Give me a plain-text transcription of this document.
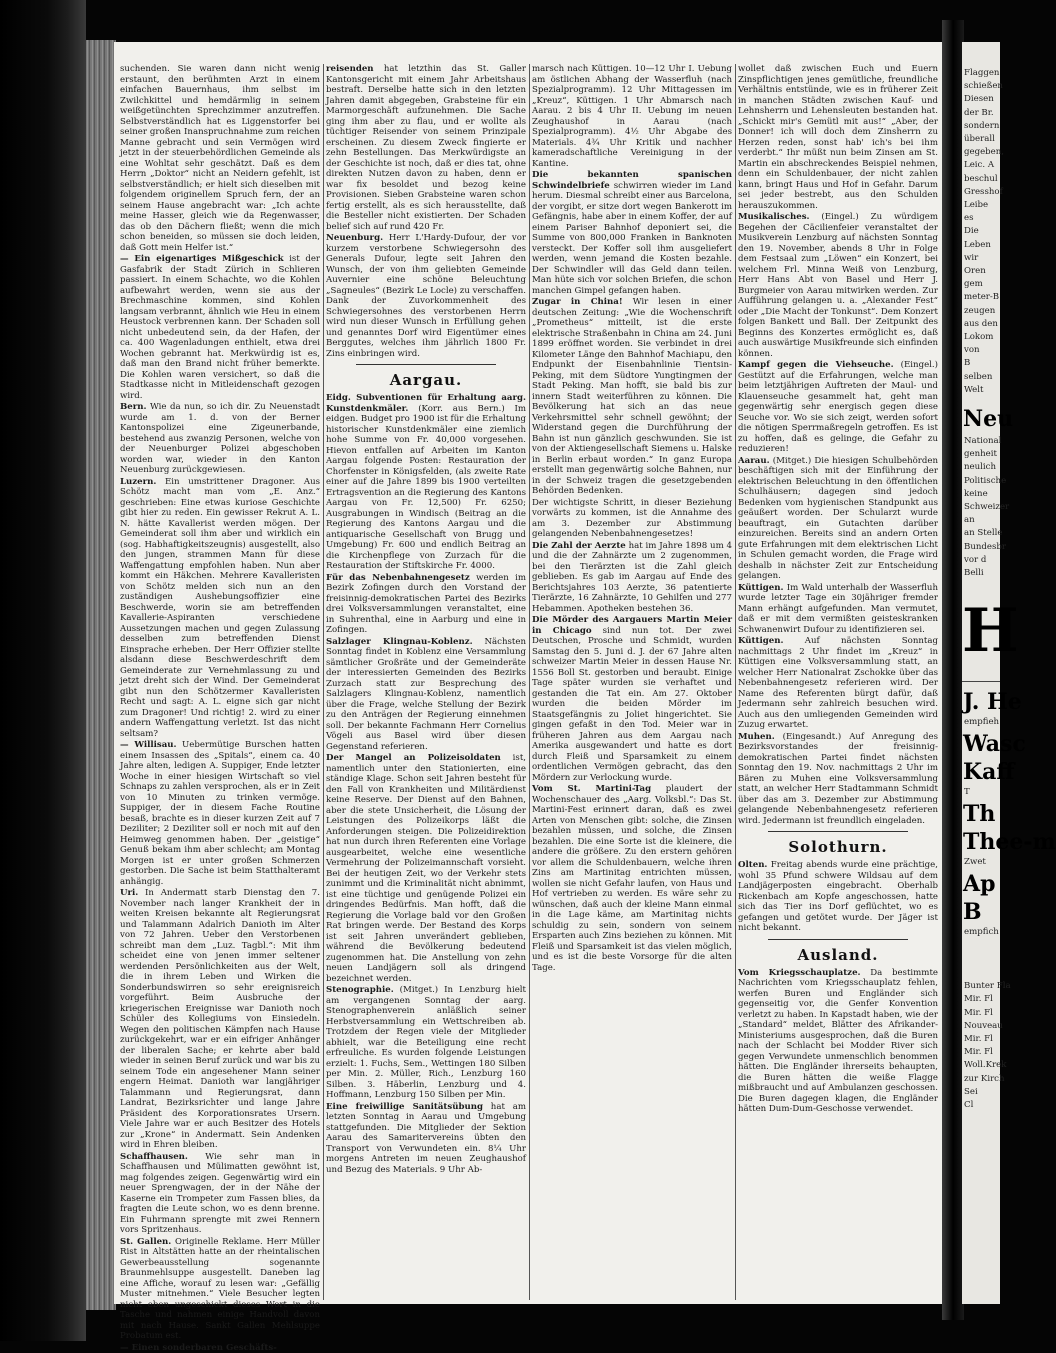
suchenden. Sie waren dann nicht wenig erstaunt, den berühmten Arzt in einem einfachen Bauernhaus, ihm selbst im Zwilchkittel und hemdärmlig in seinem weißgetünchten Sprechzimmer anzutreffen. Selbstverständlich hat es Liggenstorfer bei seiner großen Inanspruchnahme zum reichen Manne gebracht und sein Vermögen wird jetzt in der steuerbehördlichen Gemeinde als eine Wohltat sehr geschätzt. Daß es dem Herrn „Doktor“ nicht an Neidern gefehlt, ist selbstverständlich; er hielt sich dieselben mit folgendem originellem Spruch fern, der an seinem Hause angebracht war: „Ich achte meine Hasser, gleich wie da Regenwasser, das ob den Dächern fließt; wenn die mich schon beneiden, so müssen sie doch leiden, daß Gott mein Helfer ist.“

— Ein eigenartiges Mißgeschick ist der Gasfabrik der Stadt Zürich in Schlieren passiert. In einem Schachte, wo die Kohlen aufbewahrt werden, wenn sie aus der Brechmaschine kommen, sind Kohlen langsam verbrannt, ähnlich wie Heu in einem Heustock verbrennen kann. Der Schaden soll nicht unbedeutend sein, da der Hafen, der ca. 400 Wagenladungen enthielt, etwa drei Wochen gebrannt hat. Merkwürdig ist es, daß man den Brand nicht früher bemerkte. Die Kohlen waren versichert, so daß die Stadtkasse nicht in Mitleidenschaft gezogen wird.

Bern. Wie da nun, so ich dir. Zu Neuenstadt wurde am 1. d. von der Berner Kantonspolizei eine Zigeunerbande, bestehend aus zwanzig Personen, welche von der Neuenburger Polizei abgeschoben worden war, wieder in den Kanton Neuenburg zurückgewiesen.

Luzern. Ein umstrittener Dragoner. Aus Schötz macht man vom „E. Anz.“ geschrieben: Eine etwas kuriose Geschichte gibt hier zu reden. Ein gewisser Rekrut A. L. N. hätte Kavallerist werden mögen. Der Gemeinderat soll ihm aber und wirklich ein (sog. Habhaftigkeitszeugnis) ausgestellt, also den jungen, strammen Mann für diese Waffengattung empfohlen haben. Nun aber kommt ein Häkchen. Mehrere Kavalleristen von Schötz melden sich nun an den zuständigen Aushebungsoffizier eine Beschwerde, worin sie am betreffenden Kavallerie-Aspiranten verschiedene Aussetzungen machen und gegen Zulassung desselben zum betreffenden Dienst Einsprache erheben. Der Herr Offizier stellte alsdann diese Beschwerdeschrift dem Gemeinderate zur Vernehmlassung zu und jetzt dreht sich der Wind. Der Gemeinderat gibt nun den Schötzermer Kavalleristen Recht und sagt: A. L. eigne sich gar nicht zum Dragoner! Und richtig! 2. wird zu einer andern Waffengattung verletzt. Ist das nicht seltsam?

— Willisau. Uebermütige Burschen hatten einem Insassen des „Spitals“, einem ca. 40 Jahre alten, ledigen A. Suppiger, Ende letzter Woche in einer hiesigen Wirtschaft so viel Schnaps zu zahlen versprochen, als er in Zeit von 10 Minuten zu trinken vermöge. Suppiger, der in diesem Fache Routine besaß, brachte es in dieser kurzen Zeit auf 7 Deziliter; 2 Deziliter soll er noch mit auf den Heimweg genommen haben. Der „geistige“ Genuß bekam ihm aber schlecht; am Montag Morgen ist er unter großen Schmerzen gestorben. Die Sache ist beim Statthalteramt anhängig.

Uri. In Andermatt starb Dienstag den 7. November nach langer Krankheit der in weiten Kreisen bekannte alt Regierungsrat und Talammann Adalrich Danioth im Alter von 72 Jahren. Ueber den Verstorbenen schreibt man dem „Luz. Tagbl.“: Mit ihm scheidet eine von jenen immer seltener werdenden Persönlichkeiten aus der Welt, die in ihrem Leben und Wirken die Sonderbundswirren so sehr ereignisreich vorgeführt. Beim Ausbruche der kriegerischen Ereignisse war Danioth noch Schüler des Kollegiums von Einsiedeln. Wegen den politischen Kämpfen nach Hause zurückgekehrt, war er ein eifriger Anhänger der liberalen Sache; er kehrte aber bald wieder in seinen Beruf zurück und war bis zu seinem Tode ein angesehener Mann seiner engern Heimat. Danioth war langjähriger Talammann und Regierungsrat, dann Landrat, Bezirksrichter und lange Jahre Präsident des Korporationsrates Ursern. Viele Jahre war er auch Besitzer des Hotels zur „Krone“ in Andermatt. Sein Andenken wird in Ehren bleiben.

Schaffhausen. Wie sehr man in Schaffhausen und Mülimatten gewöhnt ist, mag folgendes zeigen. Gegenwärtig wird ein neuer Sprengwagen, der in der Nähe der Kaserne ein Trompeter zum Fassen blies, da fragten die Leute schon, wo es denn brenne. Ein Fuhrmann sprengte mit zwei Rennern vors Spritzenhaus.

St. Gallen. Originelle Reklame. Herr Müller Rist in Altstätten hatte an der rheintalischen Gewerbeausstellung sogenannte Braunmehlsuppe ausgestellt. Daneben lag eine Affiche, worauf zu lesen war: „Gefällig Muster mitnehmen.“ Viele Besucher legten nicht eben ungeschickt dieses Wort in die Tasche und nahmen einige Handvoll davon mit nach Hause. Sankt Gallen Mehlsuppe Probatum est.

— Einen sonderbaren Geschäfts-

reisenden hat letzthin das St. Galler Kantonsgericht mit einem Jahr Arbeitshaus bestraft. Derselbe hatte sich in den letzten Jahren damit abgegeben, Grabsteine für ein Marmorgeschäft aufzunehmen. Die Sache ging ihm aber zu flau, und er wollte als tüchtiger Reisender von seinem Prinzipale erscheinen. Zu diesem Zweck fingierte er zehn Bestellungen. Das Merkwürdigste an der Geschichte ist noch, daß er dies tat, ohne direkten Nutzen davon zu haben, denn er war fix besoldet und bezog keine Provisionen. Sieben Grabsteine waren schon fertig erstellt, als es sich herausstellte, daß die Besteller nicht existierten. Der Schaden belief sich auf rund 420 Fr.

Neuenburg. Herr L'Hardy-Dufour, der vor kurzem verstorbene Schwiegersohn des Generals Dufour, legte seit Jahren den Wunsch, der von ihm geliebten Gemeinde Auvernier eine schöne Beleuchtung „Sagneules“ (Bezirk Le Locle) zu verschaffen. Dank der Zuvorkommenheit des Schwiegersohnes des verstorbenen Herrn wird nun dieser Wunsch in Erfüllung gehen und genanntes Dorf wird Eigentümer eines Berggutes, welches ihm jährlich 1800 Fr. Zins einbringen wird.

Aargau.

Eidg. Subventionen für Erhaltung aarg. Kunstdenkmäler. (Korr. aus Bern.) Im eidgen. Budget pro 1900 ist für die Erhaltung historischer Kunstdenkmäler eine ziemlich hohe Summe von Fr. 40,000 vorgesehen. Hievon entfallen auf Arbeiten im Kanton Aargau folgende Posten: Restauration der Chorfenster in Königsfelden, (als zweite Rate einer auf die Jahre 1899 bis 1900 verteilten Ertragsvention an die Regierung des Kantons Aargau von Fr. 12,500) Fr. 6250; Ausgrabungen in Windisch (Beitrag an die Regierung des Kantons Aargau und die antiquarische Gesellschaft von Brugg und Umgebung) Fr. 600 und endlich Beitrag an die Kirchenpflege von Zurzach für die Restauration der Stiftskirche Fr. 4000.

Für das Nebenbahnengesetz werden im Bezirk Zofingen durch den Vorstand der freisinnig-demokratischen Partei des Bezirks drei Volksversammlungen veranstaltet, eine in Suhrenthal, eine in Aarburg und eine in Zofingen.

Salzlager Klingnau-Koblenz. Nächsten Sonntag findet in Koblenz eine Versammlung sämtlicher Großräte und der Gemeinderäte der interessierten Gemeinden des Bezirks Zurzach statt zur Besprechung des Salzlagers Klingnau-Koblenz, namentlich über die Frage, welche Stellung der Bezirk zu den Anträgen der Regierung einnehmen soll. Der bekannte Fachmann Herr Cornelius Vögeli aus Basel wird über diesen Gegenstand referieren.

Der Mangel an Polizeisoldaten ist, namentlich unter den Stationierten, eine ständige Klage. Schon seit Jahren besteht für den Fall von Krankheiten und Militärdienst keine Reserve. Der Dienst auf den Bahnen, aber die stete Unsicherheit, die Lösung der Leistungen des Polizeikorps läßt die Anforderungen steigen. Die Polizeidirektion hat nun durch ihren Referenten eine Vorlage ausgearbeitet, welche eine wesentliche Vermehrung der Polizeimannschaft vorsieht. Bei der heutigen Zeit, wo der Verkehr stets zunimmt und die Kriminalität nicht abnimmt, ist eine tüchtige und genügende Polizei ein dringendes Bedürfnis. Man hofft, daß die Regierung die Vorlage bald vor den Großen Rat bringen werde. Der Bestand des Korps ist seit Jahren unverändert geblieben, während die Bevölkerung bedeutend zugenommen hat. Die Anstellung von zehn neuen Landjägern soll als dringend bezeichnet werden.

Stenographie. (Mitget.) In Lenzburg hielt am vergangenen Sonntag der aarg. Stenographenverein anläßlich seiner Herbstversammlung ein Wettschreiben ab. Trotzdem der Regen viele der Mitglieder abhielt, war die Beteiligung eine recht erfreuliche. Es wurden folgende Leistungen erzielt: 1. Fuchs, Sem., Wettingen 180 Silben per Min. 2. Müller, Rich., Lenzburg 160 Silben. 3. Häberlin, Lenzburg und 4. Hoffmann, Lenzburg 150 Silben per Min.

Eine freiwillige Sanitätsübung hat am letzten Sonntag in Aarau und Umgebung stattgefunden. Die Mitglieder der Sektion Aarau des Samaritervereins übten den Transport von Verwundeten ein. 8¼ Uhr morgens Antreten im neuen Zeughaushof und Bezug des Materials. 9 Uhr Ab-

marsch nach Küttigen. 10—12 Uhr I. Uebung am östlichen Abhang der Wasserfluh (nach Spezialprogramm). 12 Uhr Mittagessen im „Kreuz“, Küttigen. 1 Uhr Abmarsch nach Aarau. 2 bis 4 Uhr II. Uebung im neuen Zeughaushof in Aarau (nach Spezialprogramm). 4½ Uhr Abgabe des Materials. 4¾ Uhr Kritik und nachher kameradschaftliche Vereinigung in der Kantine.

Die bekannten spanischen Schwindelbriefe schwirren wieder im Land herum. Diesmal schreibt einer aus Barcelona, der vorgibt, er sitze dort wegen Bankerott im Gefängnis, habe aber in einem Koffer, der auf einem Pariser Bahnhof deponiert sei, die Summe von 800,000 Franken in Banknoten versteckt. Der Koffer soll ihm ausgeliefert werden, wenn jemand die Kosten bezahle. Der Schwindler will das Geld dann teilen. Man hüte sich vor solchen Briefen, die schon manchen Gimpel gefangen haben.

Zugar in China! Wir lesen in einer deutschen Zeitung: „Wie die Wochenschrift „Prometheus“ mitteilt, ist die erste elektrische Straßenbahn in China am 24. Juni 1899 eröffnet worden. Sie verbindet in drei Kilometer Länge den Bahnhof Machiapu, den Endpunkt der Eisenbahnlinie Tientsin-Peking, mit dem Südtore Yungtingmen der Stadt Peking. Man hofft, sie bald bis zur innern Stadt weiterführen zu können. Die Bevölkerung hat sich an das neue Verkehrsmittel sehr schnell gewöhnt; der Widerstand gegen die Durchführung der Bahn ist nun gänzlich geschwunden. Sie ist von der Aktiengesellschaft Siemens u. Halske in Berlin erbaut worden.“ In ganz Europa erstellt man gegenwärtig solche Bahnen, nur in der Schweiz tragen die gesetzgebenden Behörden Bedenken.

Der wichtigste Schritt, in dieser Beziehung vorwärts zu kommen, ist die Annahme des am 3. Dezember zur Abstimmung gelangenden Nebenbahnengesetzes!

Die Zahl der Aerzte hat im Jahre 1898 um 4 und die der Zahnärzte um 2 zugenommen, bei den Tierärzten ist die Zahl gleich geblieben. Es gab im Aargau auf Ende des Berichtsjahres 103 Aerzte, 36 patentierte Tierärzte, 16 Zahnärzte, 10 Gehilfen und 277 Hebammen. Apotheken bestehen 36.

Die Mörder des Aargauers Martin Meier in Chicago sind nun tot. Der zwei Deutschen, Prosche und Schmidt, wurden Samstag den 5. Juni d. J. der 67 Jahre alten schweizer Martin Meier in dessen Hause Nr. 1556 Boll St. gestorben und beraubt. Einige Tage später wurden sie verhaftet und gestanden die Tat ein. Am 27. Oktober wurden die beiden Mörder im Staatsgefängnis zu Joliet hingerichtet. Sie gingen gefaßt in den Tod. Meier war in früheren Jahren aus dem Aargau nach Amerika ausgewandert und hatte es dort durch Fleiß und Sparsamkeit zu einem ordentlichen Vermögen gebracht, das den Mördern zur Verlockung wurde.

Vom St. Martini-Tag plaudert der Wochenschauer des „Aarg. Volksbl.“: Das St. Martini-Fest erinnert daran, daß es zwei Arten von Menschen gibt: solche, die Zinsen bezahlen müssen, und solche, die Zinsen bezahlen. Die eine Sorte ist die kleinere, die andere die größere. Zu den erstern gehören vor allem die Schuldenbauern, welche ihren Zins am Martinitag entrichten müssen, wollen sie nicht Gefahr laufen, von Haus und Hof vertrieben zu werden. Es wäre sehr zu wünschen, daß auch der kleine Mann einmal in die Lage käme, am Martinitag nichts schuldig zu sein, sondern von seinem Ersparten auch Zins beziehen zu können. Mit Fleiß und Sparsamkeit ist das vielen möglich, und es ist die beste Vorsorge für die alten Tage.

wollet daß zwischen Euch und Euern Zinspflichtigen jenes gemütliche, freundliche Verhältnis entstünde, wie es in früherer Zeit in manchen Städten zwischen Kauf- und Lehnsherrn und Lehensleuten bestanden hat. „Schickt mir's Gemütl mit aus!“ „Aber, der Donner! ich will doch dem Zinsherrn zu Herzen reden, sonst hab' ich's bei ihm verderbt.“ Ihr müßt nun beim Zinsen am St. Martin ein abschreckendes Beispiel nehmen, denn ein Schuldenbauer, der nicht zahlen kann, bringt Haus und Hof in Gefahr. Darum sei jeder bestrebt, aus den Schulden herauszukommen.

Musikalisches. (Eingel.) Zu würdigem Begehen der Cäcilienfeier veranstaltet der Musikverein Lenzburg auf nächsten Sonntag den 19. November, abends 8 Uhr in Folge dem Festsaal zum „Löwen“ ein Konzert, bei welchem Frl. Minna Weiß von Lenzburg, Herr Hans Abt von Basel und Herr J. Burgmeier von Aarau mitwirken werden. Zur Aufführung gelangen u. a. „Alexander Fest“ oder „Die Macht der Tonkunst“. Dem Konzert folgen Bankett und Ball. Der Zeitpunkt des Beginns des Konzertes ermöglicht es, daß auch auswärtige Musikfreunde sich einfinden können.

Kampf gegen die Viehseuche. (Eingel.) Gestützt auf die Erfahrungen, welche man beim letztjährigen Auftreten der Maul- und Klauenseuche gesammelt hat, geht man gegenwärtig sehr energisch gegen diese Seuche vor. Wo sie sich zeigt, werden sofort die nötigen Sperrmaßregeln getroffen. Es ist zu hoffen, daß es gelinge, die Gefahr zu reduzieren!

Aarau. (Mitget.) Die hiesigen Schulbehörden beschäftigen sich mit der Einführung der elektrischen Beleuchtung in den öffentlichen Schulhäusern; dagegen sind jedoch Bedenken vom hygienischen Standpunkt aus geäußert worden. Der Schularzt wurde beauftragt, ein Gutachten darüber einzureichen. Bereits sind an andern Orten gute Erfahrungen mit dem elektrischen Licht in Schulen gemacht worden, die Frage wird deshalb in nächster Zeit zur Entscheidung gelangen.

Küttigen. Im Wald unterhalb der Wasserfluh wurde letzter Tage ein 30jähriger fremder Mann erhängt aufgefunden. Man vermutet, daß er mit dem vermißten geisteskranken Schwanenwirt Dufour zu identifizieren sei.

Küttigen. Auf nächsten Sonntag nachmittags 2 Uhr findet im „Kreuz“ in Küttigen eine Volksversammlung statt, an welcher Herr Nationalrat Zschokke über das Nebenbahnengesetz referieren wird. Der Name des Referenten bürgt dafür, daß Jedermann sehr zahlreich besuchen wird. Auch aus den umliegenden Gemeinden wird Zuzug erwartet.

Muhen. (Eingesandt.) Auf Anregung des Bezirksvorstandes der freisinnig-demokratischen Partei findet nächsten Sonntag den 19. Nov. nachmittags 2 Uhr im Bären zu Muhen eine Volksversammlung statt, an welcher Herr Stadtammann Schmidt über das am 3. Dezember zur Abstimmung gelangende Nebenbahnengesetz referieren wird. Jedermann ist freundlich eingeladen.

Solothurn.

Olten. Freitag abends wurde eine prächtige, wohl 35 Pfund schwere Wildsau auf dem Landjägerposten eingebracht. Oberhalb Rickenbach am Kopfe angeschossen, hatte sich das Tier ins Dorf geflüchtet, wo es gefangen und getötet wurde. Der Jäger ist nicht bekannt.

Ausland.

Vom Kriegsschauplatze. Da bestimmte Nachrichten vom Kriegsschauplatz fehlen, werfen Buren und Engländer sich gegenseitig vor, die Genfer Konvention verletzt zu haben. In Kapstadt haben, wie der „Standard“ meldet, Blätter des Afrikander-Ministeriums ausgesprochen, daß die Buren nach der Schlacht bei Modder River sich gegen Verwundete unmenschlich benommen hätten. Die Engländer ihrerseits behaupten, die Buren hätten die weiße Flagge mißbraucht und auf Ambulanzen geschossen. Die Buren dagegen klagen, die Engländer hätten Dum-Dum-Geschosse verwendet.

Flaggen
schießen
Diesen
der Br.
sondern
überall
gegeben,
Leic. A
beschul
Gresshof
Leibe
es
Die
Leben
wir
Oren
gem
meter-B
zeugen
aus den
Lokom
von
B
selben
Welt
Neu
National
genheit
neulich
Politische
keine
Schweizer
an
an Stelle
Bundesbr
vor d
Belli
H
J. He
empfieh
Wasc
Kaff
T
Th
Thee-m
Zwet
Ap
B
empfich
Bunter Fla
Mir. Fl
Mir. Fl
Nouveau
Mir. Fl
Mir. Fl
Woll.Krek
zur Kirch
Sei
Cl
